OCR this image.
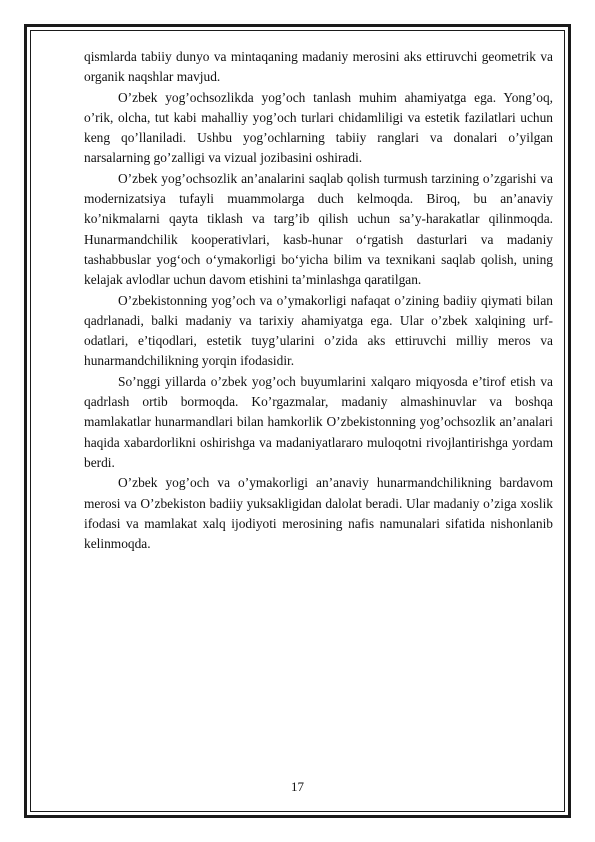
qismlarda tabiiy dunyo va mintaqaning madaniy merosini aks ettiruvchi geometrik va organik naqshlar mavjud.

O’zbek yog’ochsozlikda yog’och tanlash muhim ahamiyatga ega. Yong’oq, o’rik, olcha, tut kabi mahalliy yog’och turlari chidamliligi va estetik fazilatlari uchun keng qo’llaniladi. Ushbu yog’ochlarning tabiiy ranglari va donalari o’yilgan narsalarning go’zalligi va vizual jozibasini oshiradi.

O’zbek yog’ochsozlik an’analarini saqlab qolish turmush tarzining o’zgarishi va modernizatsiya tufayli muammolarga duch kelmoqda. Biroq, bu an’anaviy ko’nikmalarni qayta tiklash va targ’ib qilish uchun sa’y-harakatlar qilinmoqda. Hunarmandchilik kooperativlari, kasb-hunar o‘rgatish dasturlari va madaniy tashabbuslar yog‘och o‘ymakorligi bo‘yicha bilim va texnikani saqlab qolish, uning kelajak avlodlar uchun davom etishini ta’minlashga qaratilgan.

O’zbekistonning yog’och va o’ymakorligi nafaqat o’zining badiiy qiymati bilan qadrlanadi, balki madaniy va tarixiy ahamiyatga ega. Ular o’zbek xalqining urf-odatlari, e’tiqodlari, estetik tuyg’ularini o’zida aks ettiruvchi milliy meros va hunarmandchilikning yorqin ifodasidir.

So’nggi yillarda o’zbek yog’och buyumlarini xalqaro miqyosda e’tirof etish va qadrlash ortib bormoqda. Ko’rgazmalar, madaniy almashinuvlar va boshqa mamlakatlar hunarmandlari bilan hamkorlik O’zbekistonning yog’ochsozlik an’analari haqida xabardorlikni oshirishga va madaniyatlararo muloqotni rivojlantirishga yordam berdi.

O’zbek yog’och va o’ymakorligi an’anaviy hunarmandchilikning bardavom merosi va O’zbekiston badiiy yuksakligidan dalolat beradi. Ular madaniy o’ziga xoslik ifodasi va mamlakat xalq ijodiyoti merosining nafis namunalari sifatida nishonlanib kelinmoqda.

17
